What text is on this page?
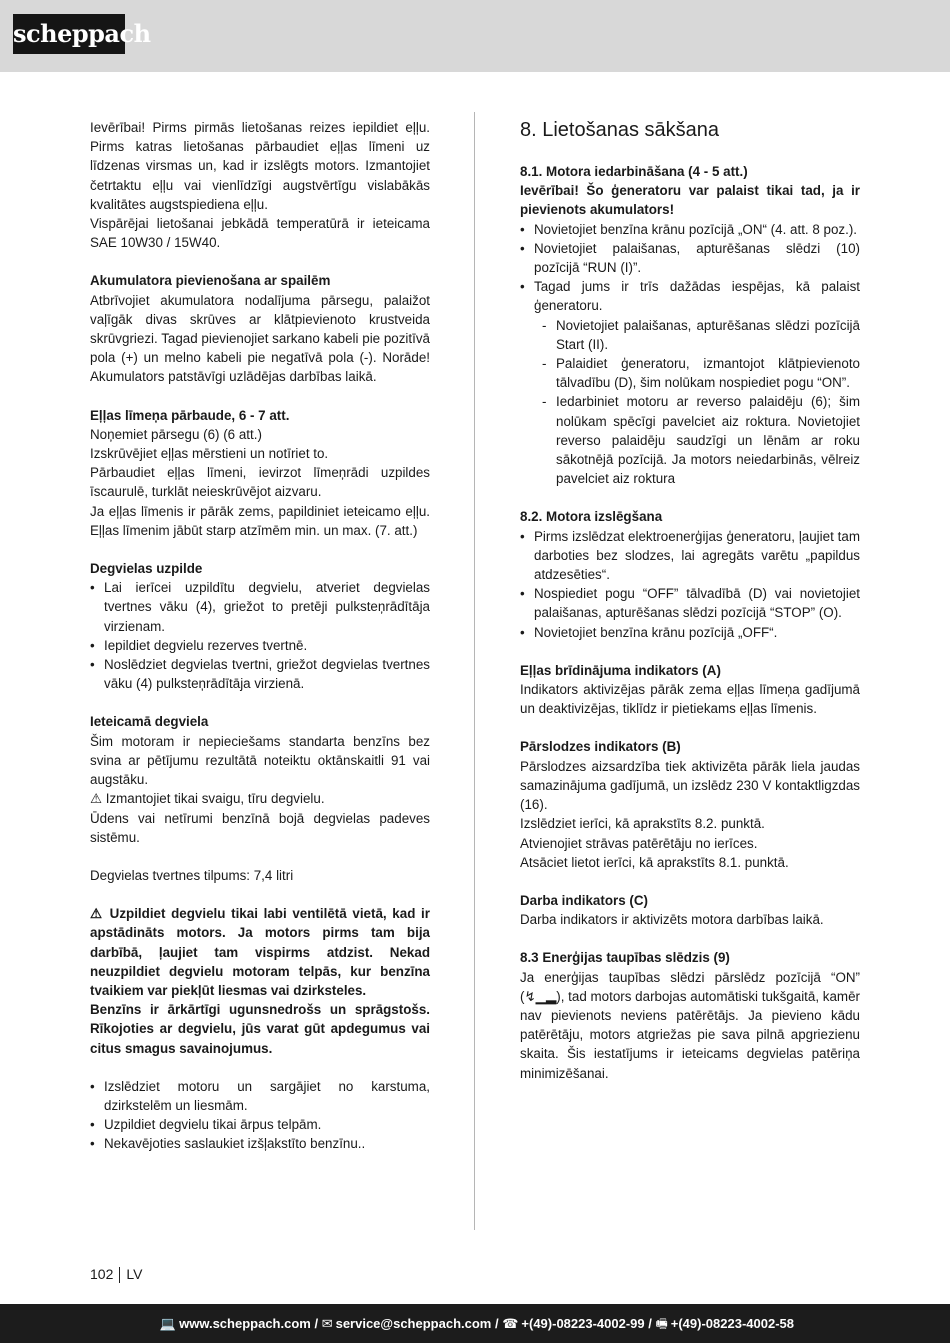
scheppach

Ievērībai! Pirms pirmās lietošanas reizes iepildiet eļļu. Pirms katras lietošanas pārbaudiet eļļas līmeni uz līdzenas virsmas un, kad ir izslēgts motors. Izmantojiet četrtaktu eļļu vai vienlīdzīgi augstvērtīgu vislabākās kvalitātes augstspiediena eļļu.

Vispārējai lietošanai jebkādā temperatūrā ir ieteicama SAE 10W30 / 15W40.

Akumulatora pievienošana ar spailēm

Atbrīvojiet akumulatora nodalījuma pārsegu, palaižot vaļīgāk divas skrūves ar klātpievienoto krustveida skrūvgriezi. Tagad pievienojiet sarkano kabeli pie pozitīvā pola (+) un melno kabeli pie negatīvā pola (-). Norāde! Akumulators patstāvīgi uzlādējas darbības laikā.

Eļļas līmeņa pārbaude, 6 - 7 att.

Noņemiet pārsegu (6) (6 att.)

Izskrūvējiet eļļas mērstieni un notīriet to.

Pārbaudiet eļļas līmeni, ievirzot līmeņrādi uzpildes īscaurulē, turklāt neieskrūvējot aizvaru.

Ja eļļas līmenis ir pārāk zems, papildiniet ieteicamo eļļu. Eļļas līmenim jābūt starp atzīmēm min. un max. (7. att.)

Degvielas uzpilde

• Lai ierīcei uzpildītu degvielu, atveriet degvielas tvertnes vāku (4), griežot to pretēji pulksteņrādītāja virzienam.
• Iepildiet degvielu rezerves tvertnē.
• Noslēdziet degvielas tvertni, griežot degvielas tvertnes vāku (4) pulksteņrādītāja virzienā.

Ieteicamā degviela

Šim motoram ir nepieciešams standarta benzīns bez svina ar pētījumu rezultātā noteiktu oktānskaitli 91 vai augstāku.

⚠ Izmantojiet tikai svaigu, tīru degvielu.

Ūdens vai netīrumi benzīnā bojā degvielas padeves sistēmu.

Degvielas tvertnes tilpums: 7,4 litri

⚠ Uzpildiet degvielu tikai labi ventilētā vietā, kad ir apstādināts motors. Ja motors pirms tam bija darbībā, ļaujiet tam vispirms atdzist. Nekad neuzpildiet degvielu motoram telpās, kur benzīna tvaikiem var piekļūt liesmas vai dzirksteles.

Benzīns ir ārkārtīgi ugunsnedrošs un sprāgstošs. Rīkojoties ar degvielu, jūs varat gūt apdegumus vai citus smagus savainojumus.

• Izslēdziet motoru un sargājiet no karstuma, dzirkstelēm un liesmām.
• Uzpildiet degvielu tikai ārpus telpām.
• Nekavējoties saslaukiet izšļakstīto benzīnu..
8. Lietošanas sākšana

8.1. Motora iedarbināšana (4 - 5 att.)

Ievērībai! Šo ģeneratoru var palaist tikai tad, ja ir pievienots akumulators!

• Novietojiet benzīna krānu pozīcijā „ON“ (4. att. 8 poz.).
• Novietojiet palaišanas, apturēšanas slēdzi (10) pozīcijā “RUN (I)”.
• Tagad jums ir trīs dažādas iespējas, kā palaist ģeneratoru.
- Novietojiet palaišanas, apturēšanas slēdzi pozīcijā Start (II).
- Palaidiet ģeneratoru, izmantojot klātpievienoto tālvadību (D), šim nolūkam nospiediet pogu “ON”.
- Iedarbiniet motoru ar reverso palaidēju (6); šim nolūkam spēcīgi pavelciet aiz roktura. Novietojiet reverso palaidēju saudzīgi un lēnām ar roku sākotnējā pozīcijā. Ja motors neiedarbinās, vēlreiz pavelciet aiz roktura

8.2. Motora izslēgšana

• Pirms izslēdzat elektroenerģijas ģeneratoru, ļaujiet tam darboties bez slodzes, lai agregāts varētu „papildus atdzesēties“.
• Nospiediet pogu “OFF” tālvadībā (D) vai novietojiet palaišanas, apturēšanas slēdzi pozīcijā “STOP” (O).
• Novietojiet benzīna krānu pozīcijā „OFF“.

Eļļas brīdinājuma indikators (A)

Indikators aktivizējas pārāk zema eļļas līmeņa gadījumā un deaktivizējas, tiklīdz ir pietiekams eļļas līmenis.

Pārslodzes indikators (B)

Pārslodzes aizsardzība tiek aktivizēta pārāk liela jaudas samazinājuma gadījumā, un izslēdz 230 V kontaktligzdas (16).

Izslēdziet ierīci, kā aprakstīts 8.2. punktā.

Atvienojiet strāvas patērētāju no ierīces.

Atsāciet lietot ierīci, kā aprakstīts 8.1. punktā.

Darba indikators (C)

Darba indikators ir aktivizēts motora darbības laikā.

8.3 Enerģijas taupības slēdzis (9)

Ja enerģijas taupības slēdzi pārslēdz pozīcijā “ON” (↯▁▂), tad motors darbojas automātiski tukšgaitā, kamēr nav pievienots neviens patērētājs. Ja pievieno kādu patērētāju, motors atgriežas pie sava pilnā apgriezienu skaita. Šis iestatījums ir ieteicams degvielas patēriņa minimizēšanai.

102 LV
💻 www.scheppach.com / ✉ service@scheppach.com / ☎ +(49)-08223-4002-99 / 🖷 +(49)-08223-4002-58
